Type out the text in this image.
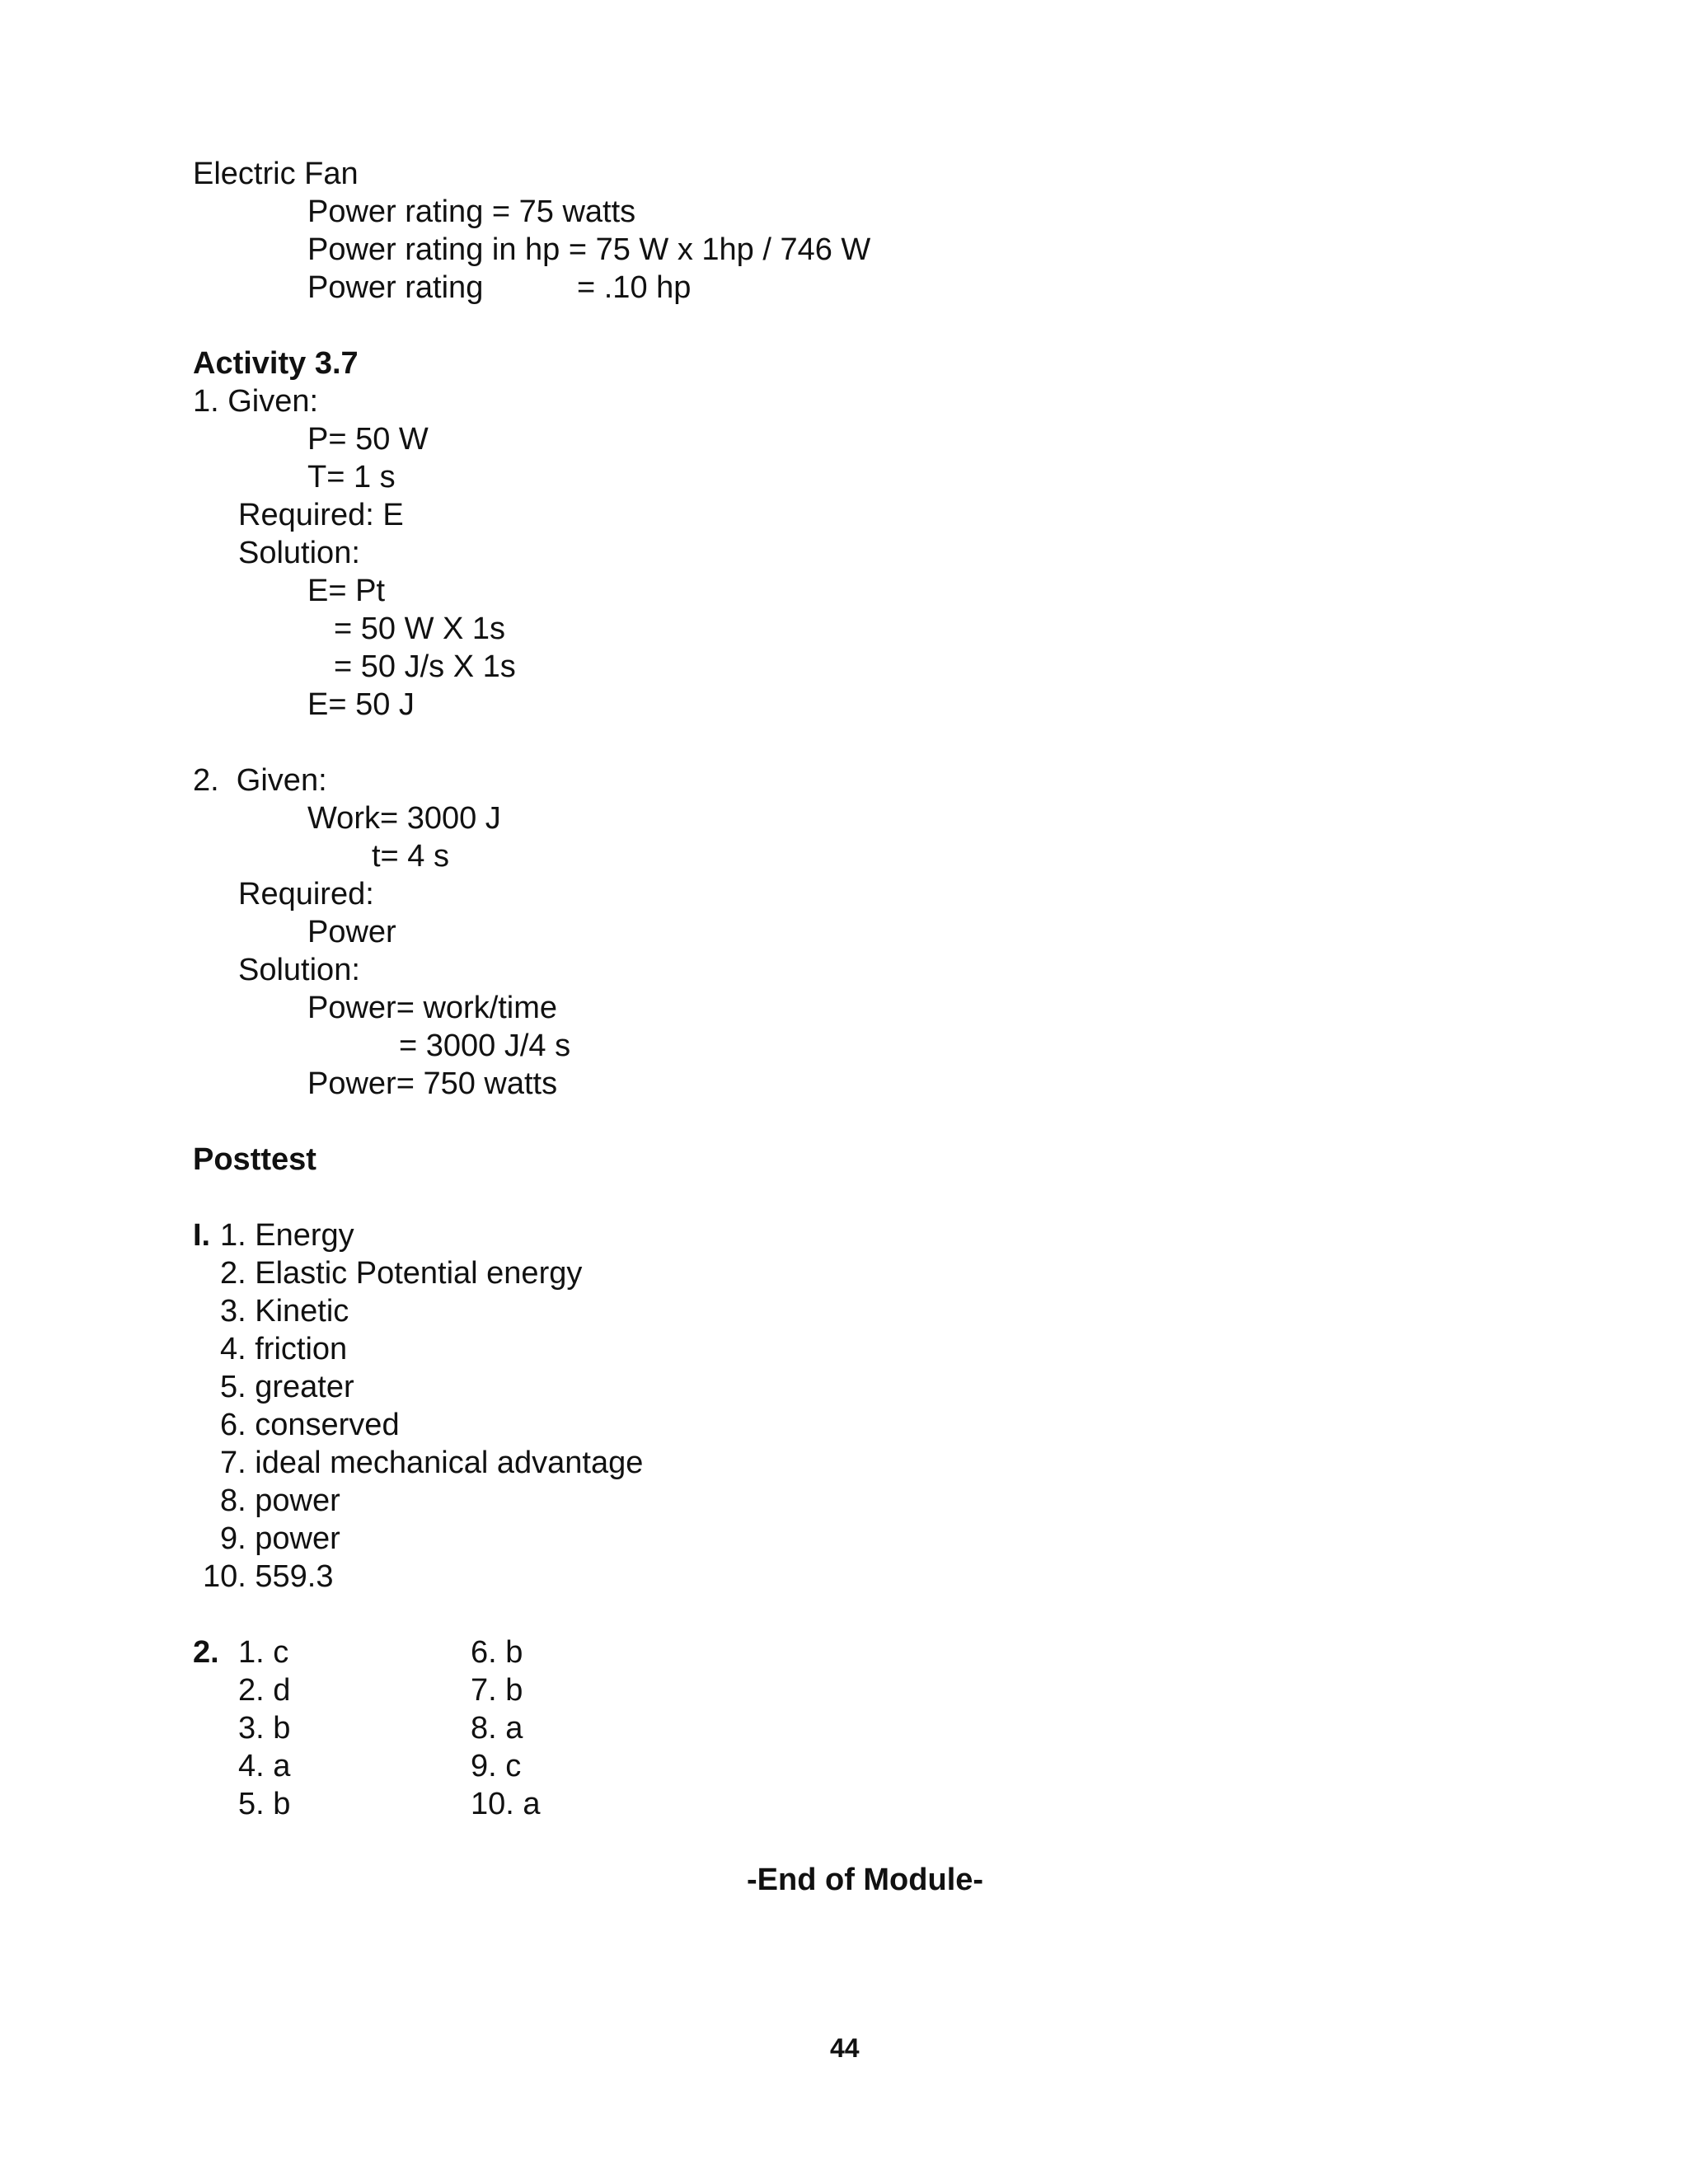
Electric Fan
Power rating = 75 watts
Power rating in hp = 75 W x 1hp / 746 W
Power rating	= .10 hp
Activity 3.7
1. Given:
P= 50 W
T= 1 s
Required: E
Solution:
E= Pt
= 50 W X 1s
= 50 J/s X 1s
E= 50 J
2.  Given:
Work= 3000 J
t= 4 s
Required:
Power
Solution:
Power= work/time
= 3000 J/4 s
Power= 750 watts
Posttest
I. 1. Energy
2. Elastic Potential energy
3. Kinetic
4. friction
5. greater
6. conserved
7. ideal mechanical advantage
8. power
9. power
10. 559.3
2. 1. c
2. d
3. b
4. a
5. b
6. b
7. b
8. a
9. c
10. a
-End of Module-
44
